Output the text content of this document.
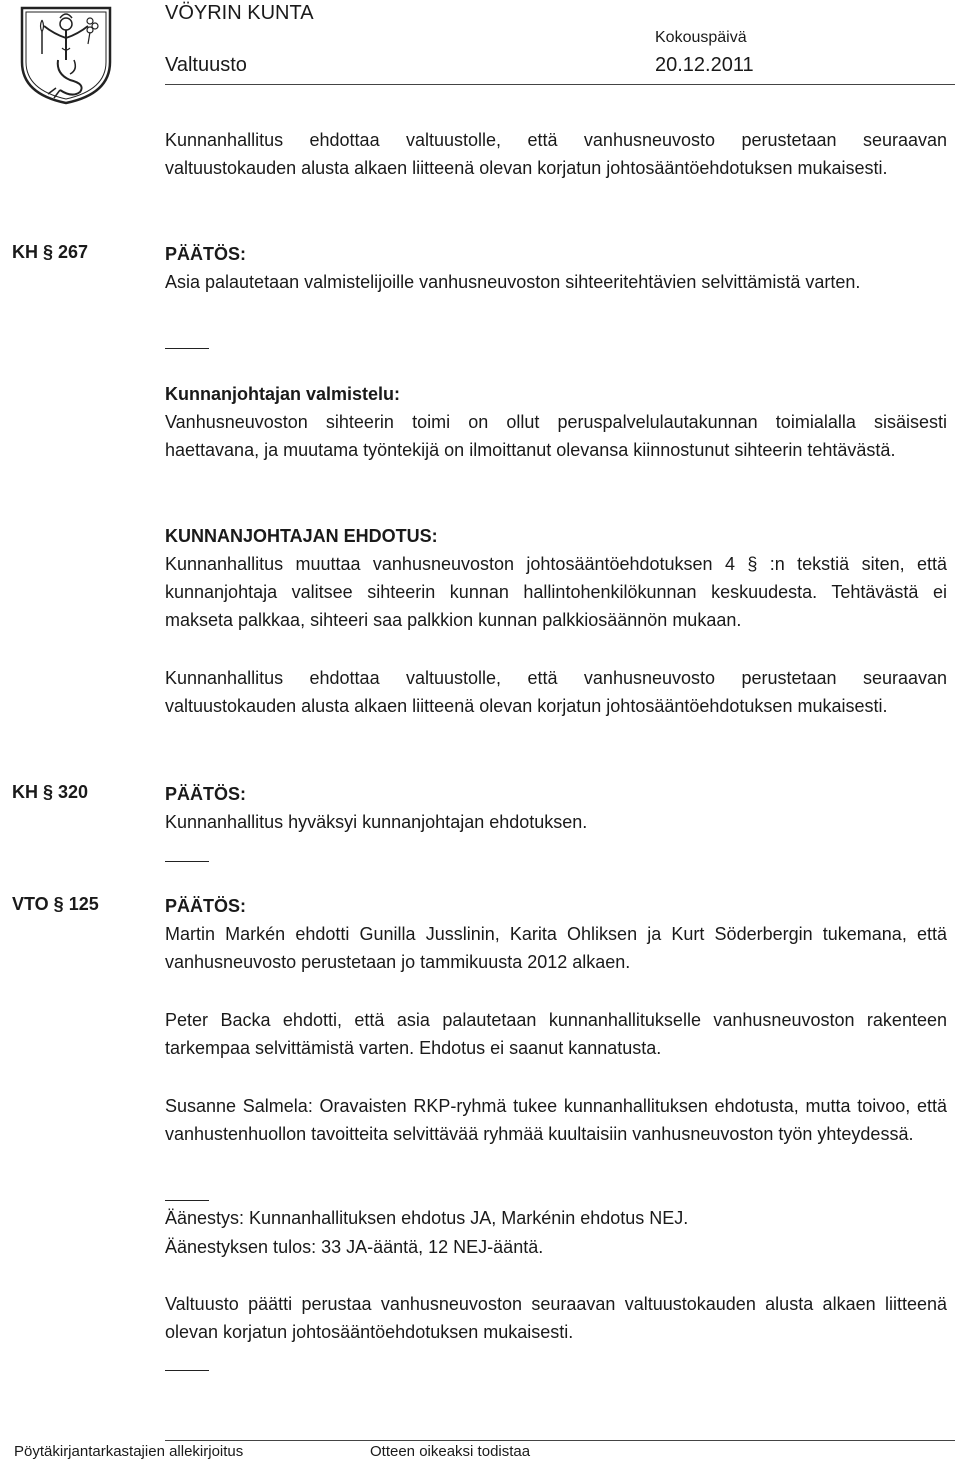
VÖYRIN KUNTA
Valtuusto
Kokouspäivä
20.12.2011

Kunnanhallitus ehdottaa valtuustolle, että vanhusneuvosto perustetaan seuraavan valtuustokauden alusta alkaen liitteenä olevan korjatun johtosääntöehdotuksen mukaisesti.

KH § 267	PÄÄTÖS:

Asia palautetaan valmistelijoille vanhusneuvoston sihteeritehtävien selvittämistä varten.

Kunnanjohtajan valmistelu:

Vanhusneuvoston sihteerin toimi on ollut peruspalvelulautakunnan toimialalla sisäisesti haettavana, ja muutama työntekijä on ilmoittanut olevansa kiinnostunut sihteerin tehtävästä.

KUNNANJOHTAJAN EHDOTUS:

Kunnanhallitus muuttaa vanhusneuvoston johtosääntöehdotuksen 4 § :n tekstiä siten, että kunnanjohtaja valitsee sihteerin kunnan hallintohenkilökunnan keskuudesta. Tehtävästä ei makseta palkkaa, sihteeri saa palkkion kunnan palkkiosäännön mukaan.

Kunnanhallitus ehdottaa valtuustolle, että vanhusneuvosto perustetaan seuraavan valtuustokauden alusta alkaen liitteenä olevan korjatun johtosääntöehdotuksen mukaisesti.

KH § 320	PÄÄTÖS:

Kunnanhallitus hyväksyi kunnanjohtajan ehdotuksen.

VTO § 125	PÄÄTÖS:

Martin Markén ehdotti Gunilla Jusslinin, Karita Ohliksen ja Kurt Söderbergin tukemana, että vanhusneuvosto perustetaan jo tammikuusta 2012 alkaen.

Peter Backa ehdotti, että asia palautetaan kunnanhallitukselle vanhusneuvoston rakenteen tarkempaa selvittämistä varten. Ehdotus ei saanut kannatusta.

Susanne Salmela: Oravaisten RKP-ryhmä tukee kunnanhallituksen ehdotusta, mutta toivoo, että vanhustenhuollon tavoitteita selvittävää ryhmää kuultaisiin vanhusneuvoston työn yhteydessä.

Äänestys: Kunnanhallituksen ehdotus JA, Markénin ehdotus NEJ.

Äänestyksen tulos: 33 JA-ääntä, 12 NEJ-ääntä.

Valtuusto päätti perustaa vanhusneuvoston seuraavan valtuustokauden alusta alkaen liitteenä olevan korjatun johtosääntöehdotuksen mukaisesti.

Pöytäkirjantarkastajien allekirjoitus	Otteen oikeaksi todistaa
